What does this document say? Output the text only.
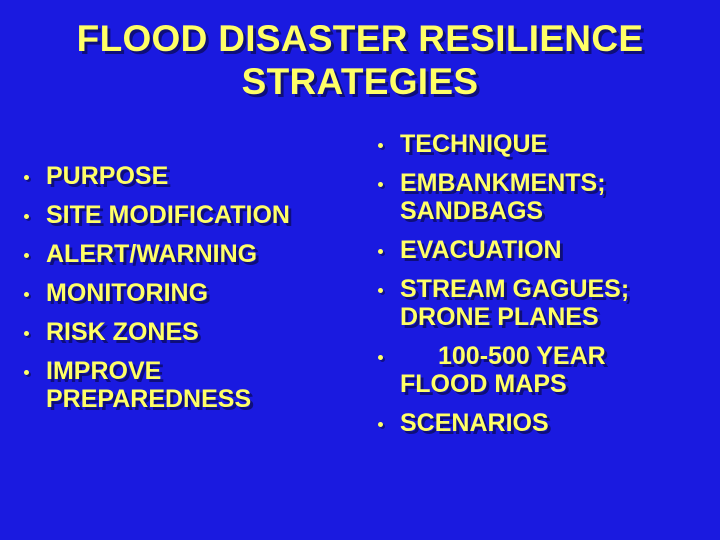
FLOOD DISASTER RESILIENCE STRATEGIES
PURPOSE
SITE MODIFICATION
ALERT/WARNING
MONITORING
RISK ZONES
IMPROVE
PREPAREDNESS
TECHNIQUE
EMBANKMENTS;
SANDBAGS
EVACUATION
STREAM GAGUES;
DRONE PLANES
100-500 YEAR
FLOOD MAPS
SCENARIOS
